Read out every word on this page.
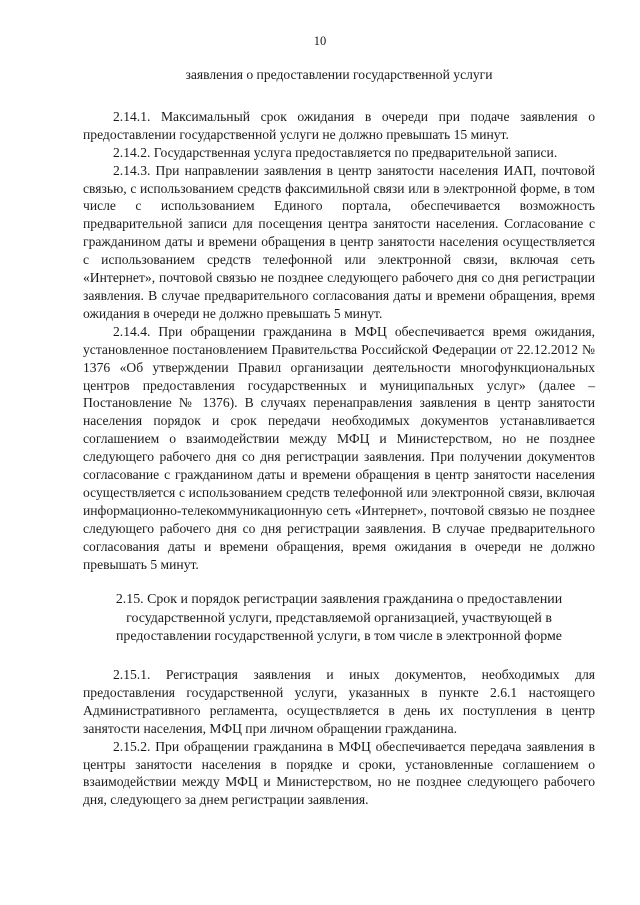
10

заявления о предоставлении государственной услуги

2.14.1. Максимальный срок ожидания в очереди при подаче заявления о предоставлении государственной услуги не должно превышать 15 минут.

2.14.2. Государственная услуга предоставляется по предварительной записи.

2.14.3. При направлении заявления в центр занятости населения ИАП, почтовой связью, с использованием средств факсимильной связи или в электронной форме, в том числе с использованием Единого портала, обеспечивается возможность предварительной записи для посещения центра занятости населения. Согласование с гражданином даты и времени обращения в центр занятости населения осуществляется с использованием средств телефонной или электронной связи, включая сеть «Интернет», почтовой связью не позднее следующего рабочего дня со дня регистрации заявления. В случае предварительного согласования даты и времени обращения, время ожидания в очереди не должно превышать 5 минут.

2.14.4. При обращении гражданина в МФЦ обеспечивается время ожидания, установленное постановлением Правительства Российской Федерации от 22.12.2012 № 1376 «Об утверждении Правил организации деятельности многофункциональных центров предоставления государственных и муниципальных услуг» (далее – Постановление № 1376). В случаях перенаправления заявления в центр занятости населения порядок и срок передачи необходимых документов устанавливается соглашением о взаимодействии между МФЦ и Министерством, но не позднее следующего рабочего дня со дня регистрации заявления. При получении документов согласование с гражданином даты и времени обращения в центр занятости населения осуществляется с использованием средств телефонной или электронной связи, включая информационно-телекоммуникационную сеть «Интернет», почтовой связью не позднее следующего рабочего дня со дня регистрации заявления. В случае предварительного согласования даты и времени обращения, время ожидания в очереди не должно превышать 5 минут.

2.15. Срок и порядок регистрации заявления гражданина о предоставлении государственной услуги, представляемой организацией, участвующей в предоставлении государственной услуги, в том числе в электронной форме

2.15.1. Регистрация заявления и иных документов, необходимых для предоставления государственной услуги, указанных в пункте 2.6.1 настоящего Административного регламента, осуществляется в день их поступления в центр занятости населения, МФЦ при личном обращении гражданина.

2.15.2. При обращении гражданина в МФЦ обеспечивается передача заявления в центры занятости населения в порядке и сроки, установленные соглашением о взаимодействии между МФЦ и Министерством, но не позднее следующего рабочего дня, следующего за днем регистрации заявления.
